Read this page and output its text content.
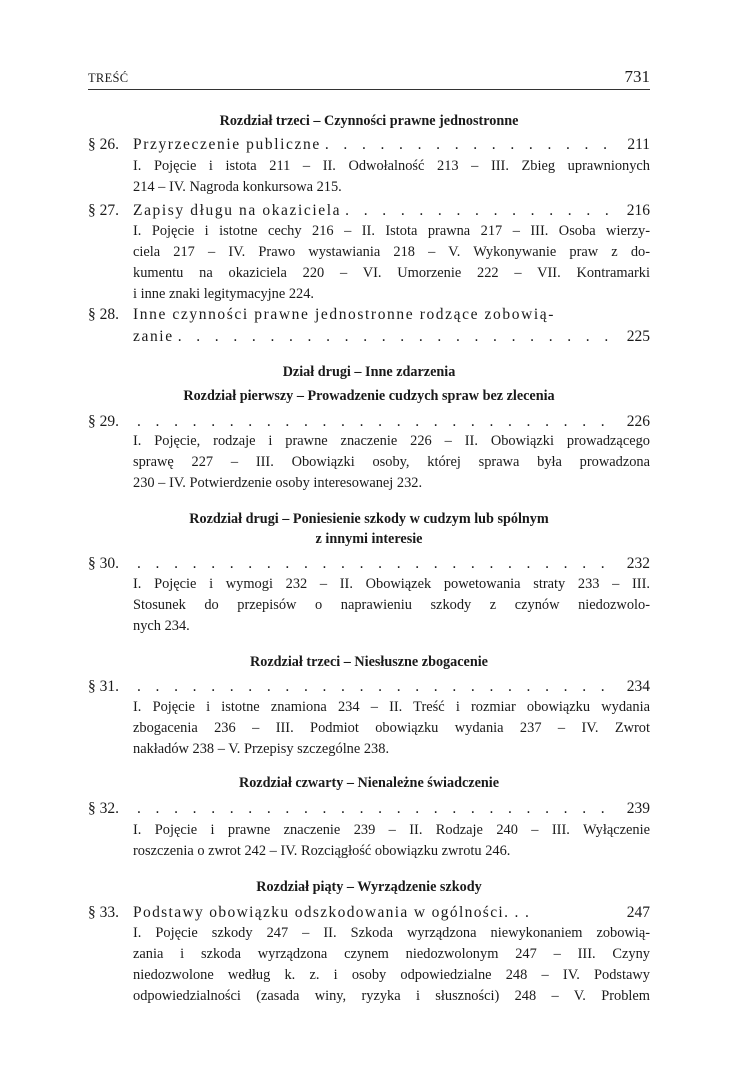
TREŚĆ	731
Rozdział trzeci – Czynności prawne jednostronne
§ 26. Przyrzeczenie publiczne . . .	211
I. Pojęcie i istota 211 – II. Odwołalność 213 – III. Zbieg uprawnionych
214 – IV. Nagroda konkursowa 215.
§ 27. Zapisy długu na okaziciela . . .	216
I. Pojęcie i istotne cechy 216 – II. Istota prawna 217 – III. Osoba wierzy-
ciela 217 – IV. Prawo wystawiania 218 – V. Wykonywanie praw z do-
kumentu na okaziciela 220 – VI. Umorzenie 222 – VII. Kontramarki
i inne znaki legitymacyjne 224.
§ 28. Inne czynności prawne jednostronne rodzące zobowią-
zanie . . .	225
Dział drugi – Inne zdarzenia
Rozdział pierwszy – Prowadzenie cudzych spraw bez zlecenia
§ 29. . . .	226
I. Pojęcie, rodzaje i prawne znaczenie 226 – II. Obowiązki prowadzącego
sprawę 227 – III. Obowiązki osoby, której sprawa była prowadzona
230 – IV. Potwierdzenie osoby interesowanej 232.
Rozdział drugi – Poniesienie szkody w cudzym lub spólnym
z innymi interesie
§ 30. . . .	232
I. Pojęcie i wymogi 232 – II. Obowiązek powetowania straty 233 – III.
Stosunek do przepisów o naprawieniu szkody z czynów niedozwolo-
nych 234.
Rozdział trzeci – Niesłuszne zbogacenie
§ 31. . . .	234
I. Pojęcie i istotne znamiona 234 – II. Treść i rozmiar obowiązku wydania
zbogacenia 236 – III. Podmiot obowiązku wydania 237 – IV. Zwrot
nakładów 238 – V. Przepisy szczególne 238.
Rozdział czwarty – Nienależne świadczenie
§ 32. . . .	239
I. Pojęcie i prawne znaczenie 239 – II. Rodzaje 240 – III. Wyłączenie
roszczenia o zwrot 242 – IV. Rozciągłość obowiązku zwrotu 246.
Rozdział piąty – Wyrządzenie szkody
§ 33. Podstawy obowiązku odszkodowania w ogólności. . .	247
I. Pojęcie szkody 247 – II. Szkoda wyrządzona niewykonaniem zobowią-
zania i szkoda wyrządzona czynem niedozwolonym 247 – III. Czyny
niedozwolone według k. z. i osoby odpowiedzialne 248 – IV. Podstawy
odpowiedzialności (zasada winy, ryzyka i słuszności) 248 – V. Problem
